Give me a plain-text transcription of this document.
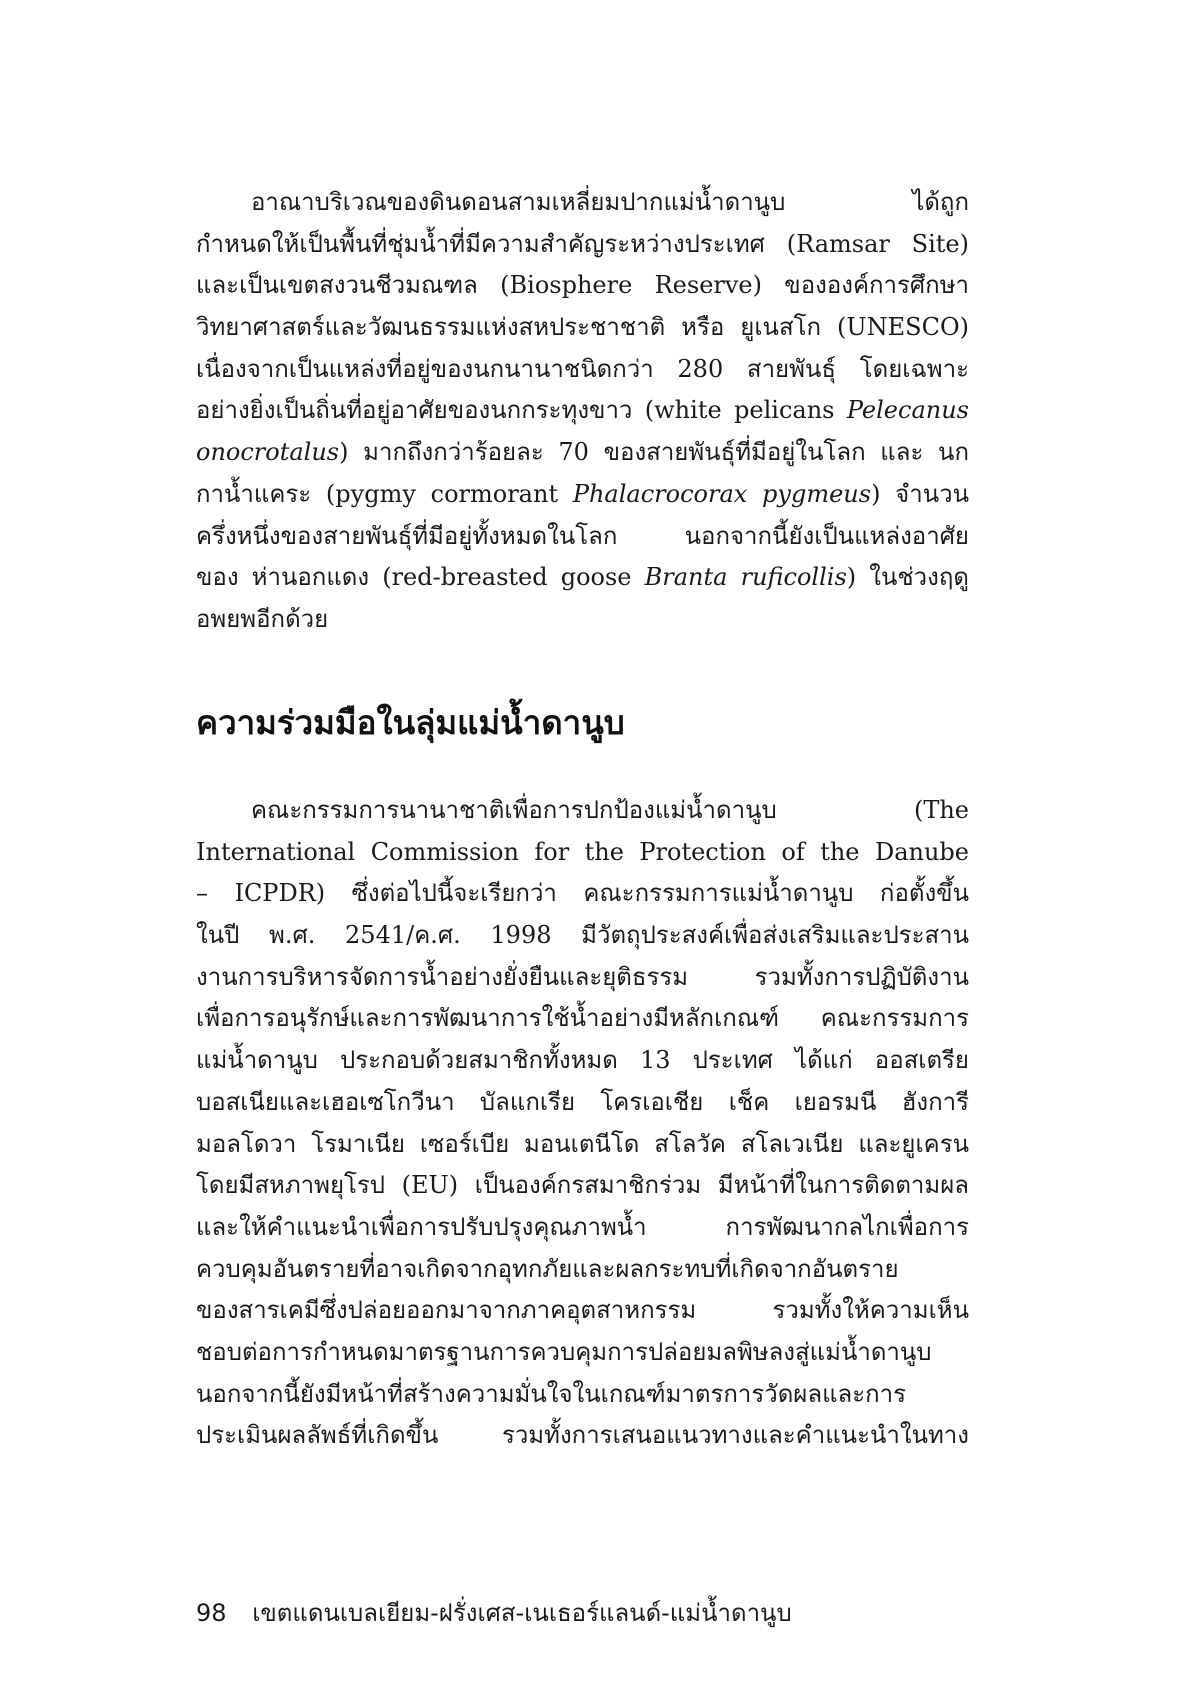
อาณาบริเวณของดินดอนสามเหลี่ยมปากแม่น้ำดานูบ ได้ถูก
กำหนดให้เป็นพื้นที่ชุ่มน้ำที่มีความสำคัญระหว่างประเทศ (Ramsar Site)
และเป็นเขตสงวนชีวมณฑล (Biosphere Reserve) ขององค์การศึกษา
วิทยาศาสตร์และวัฒนธรรมแห่งสหประชาชาติ หรือ ยูเนสโก (UNESCO)
เนื่องจากเป็นแหล่งที่อยู่ของนกนานาชนิดกว่า 280 สายพันธุ์ โดยเฉพาะ
อย่างยิ่งเป็นถิ่นที่อยู่อาศัยของนกกระทุงขาว (white pelicans Pelecanus
onocrotalus) มากถึงกว่าร้อยละ 70 ของสายพันธุ์ที่มีอยู่ในโลก และ นก
กาน้ำแคระ (pygmy cormorant Phalacrocorax pygmeus) จำนวน
ครึ่งหนึ่งของสายพันธุ์ที่มีอยู่ทั้งหมดในโลก นอกจากนี้ยังเป็นแหล่งอาศัย
ของ ห่านอกแดง (red-breasted goose Branta ruficollis) ในช่วงฤดู
อพยพอีกด้วย
ความร่วมมือในลุ่มแม่น้ำดานูบ
คณะกรรมการนานาชาติเพื่อการปกป้องแม่น้ำดานูบ (The
International Commission for the Protection of the Danube
– ICPDR) ซึ่งต่อไปนี้จะเรียกว่า คณะกรรมการแม่น้ำดานูบ ก่อตั้งขึ้น
ในปี พ.ศ. 2541/ค.ศ. 1998 มีวัตถุประสงค์เพื่อส่งเสริมและประสาน
งานการบริหารจัดการน้ำอย่างยั่งยืนและยุติธรรม รวมทั้งการปฏิบัติงาน
เพื่อการอนุรักษ์และการพัฒนาการใช้น้ำอย่างมีหลักเกณฑ์ คณะกรรมการ
แม่น้ำดานูบ ประกอบด้วยสมาชิกทั้งหมด 13 ประเทศ ได้แก่ ออสเตรีย
บอสเนียและเฮอเซโกวีนา บัลแกเรีย โครเอเชีย เช็ค เยอรมนี ฮังการี
มอลโดวา โรมาเนีย เซอร์เบีย มอนเตนีโด สโลวัค สโลเวเนีย และยูเครน
โดยมีสหภาพยุโรป (EU) เป็นองค์กรสมาชิกร่วม มีหน้าที่ในการติดตามผล
และให้คำแนะนำเพื่อการปรับปรุงคุณภาพน้ำ การพัฒนากลไกเพื่อการ
ควบคุมอันตรายที่อาจเกิดจากอุทกภัยและผลกระทบที่เกิดจากอันตราย
ของสารเคมีซึ่งปล่อยออกมาจากภาคอุตสาหกรรม รวมทั้งให้ความเห็น
ชอบต่อการกำหนดมาตรฐานการควบคุมการปล่อยมลพิษลงสู่แม่น้ำดานูบ
นอกจากนี้ยังมีหน้าที่สร้างความมั่นใจในเกณฑ์มาตรการวัดผลและการ
ประเมินผลลัพธ์ที่เกิดขึ้น รวมทั้งการเสนอแนวทางและคำแนะนำในทาง
98 เขตแดนเบลเยียม-ฝรั่งเศส-เนเธอร์แลนด์-แม่น้ำดานูบ
